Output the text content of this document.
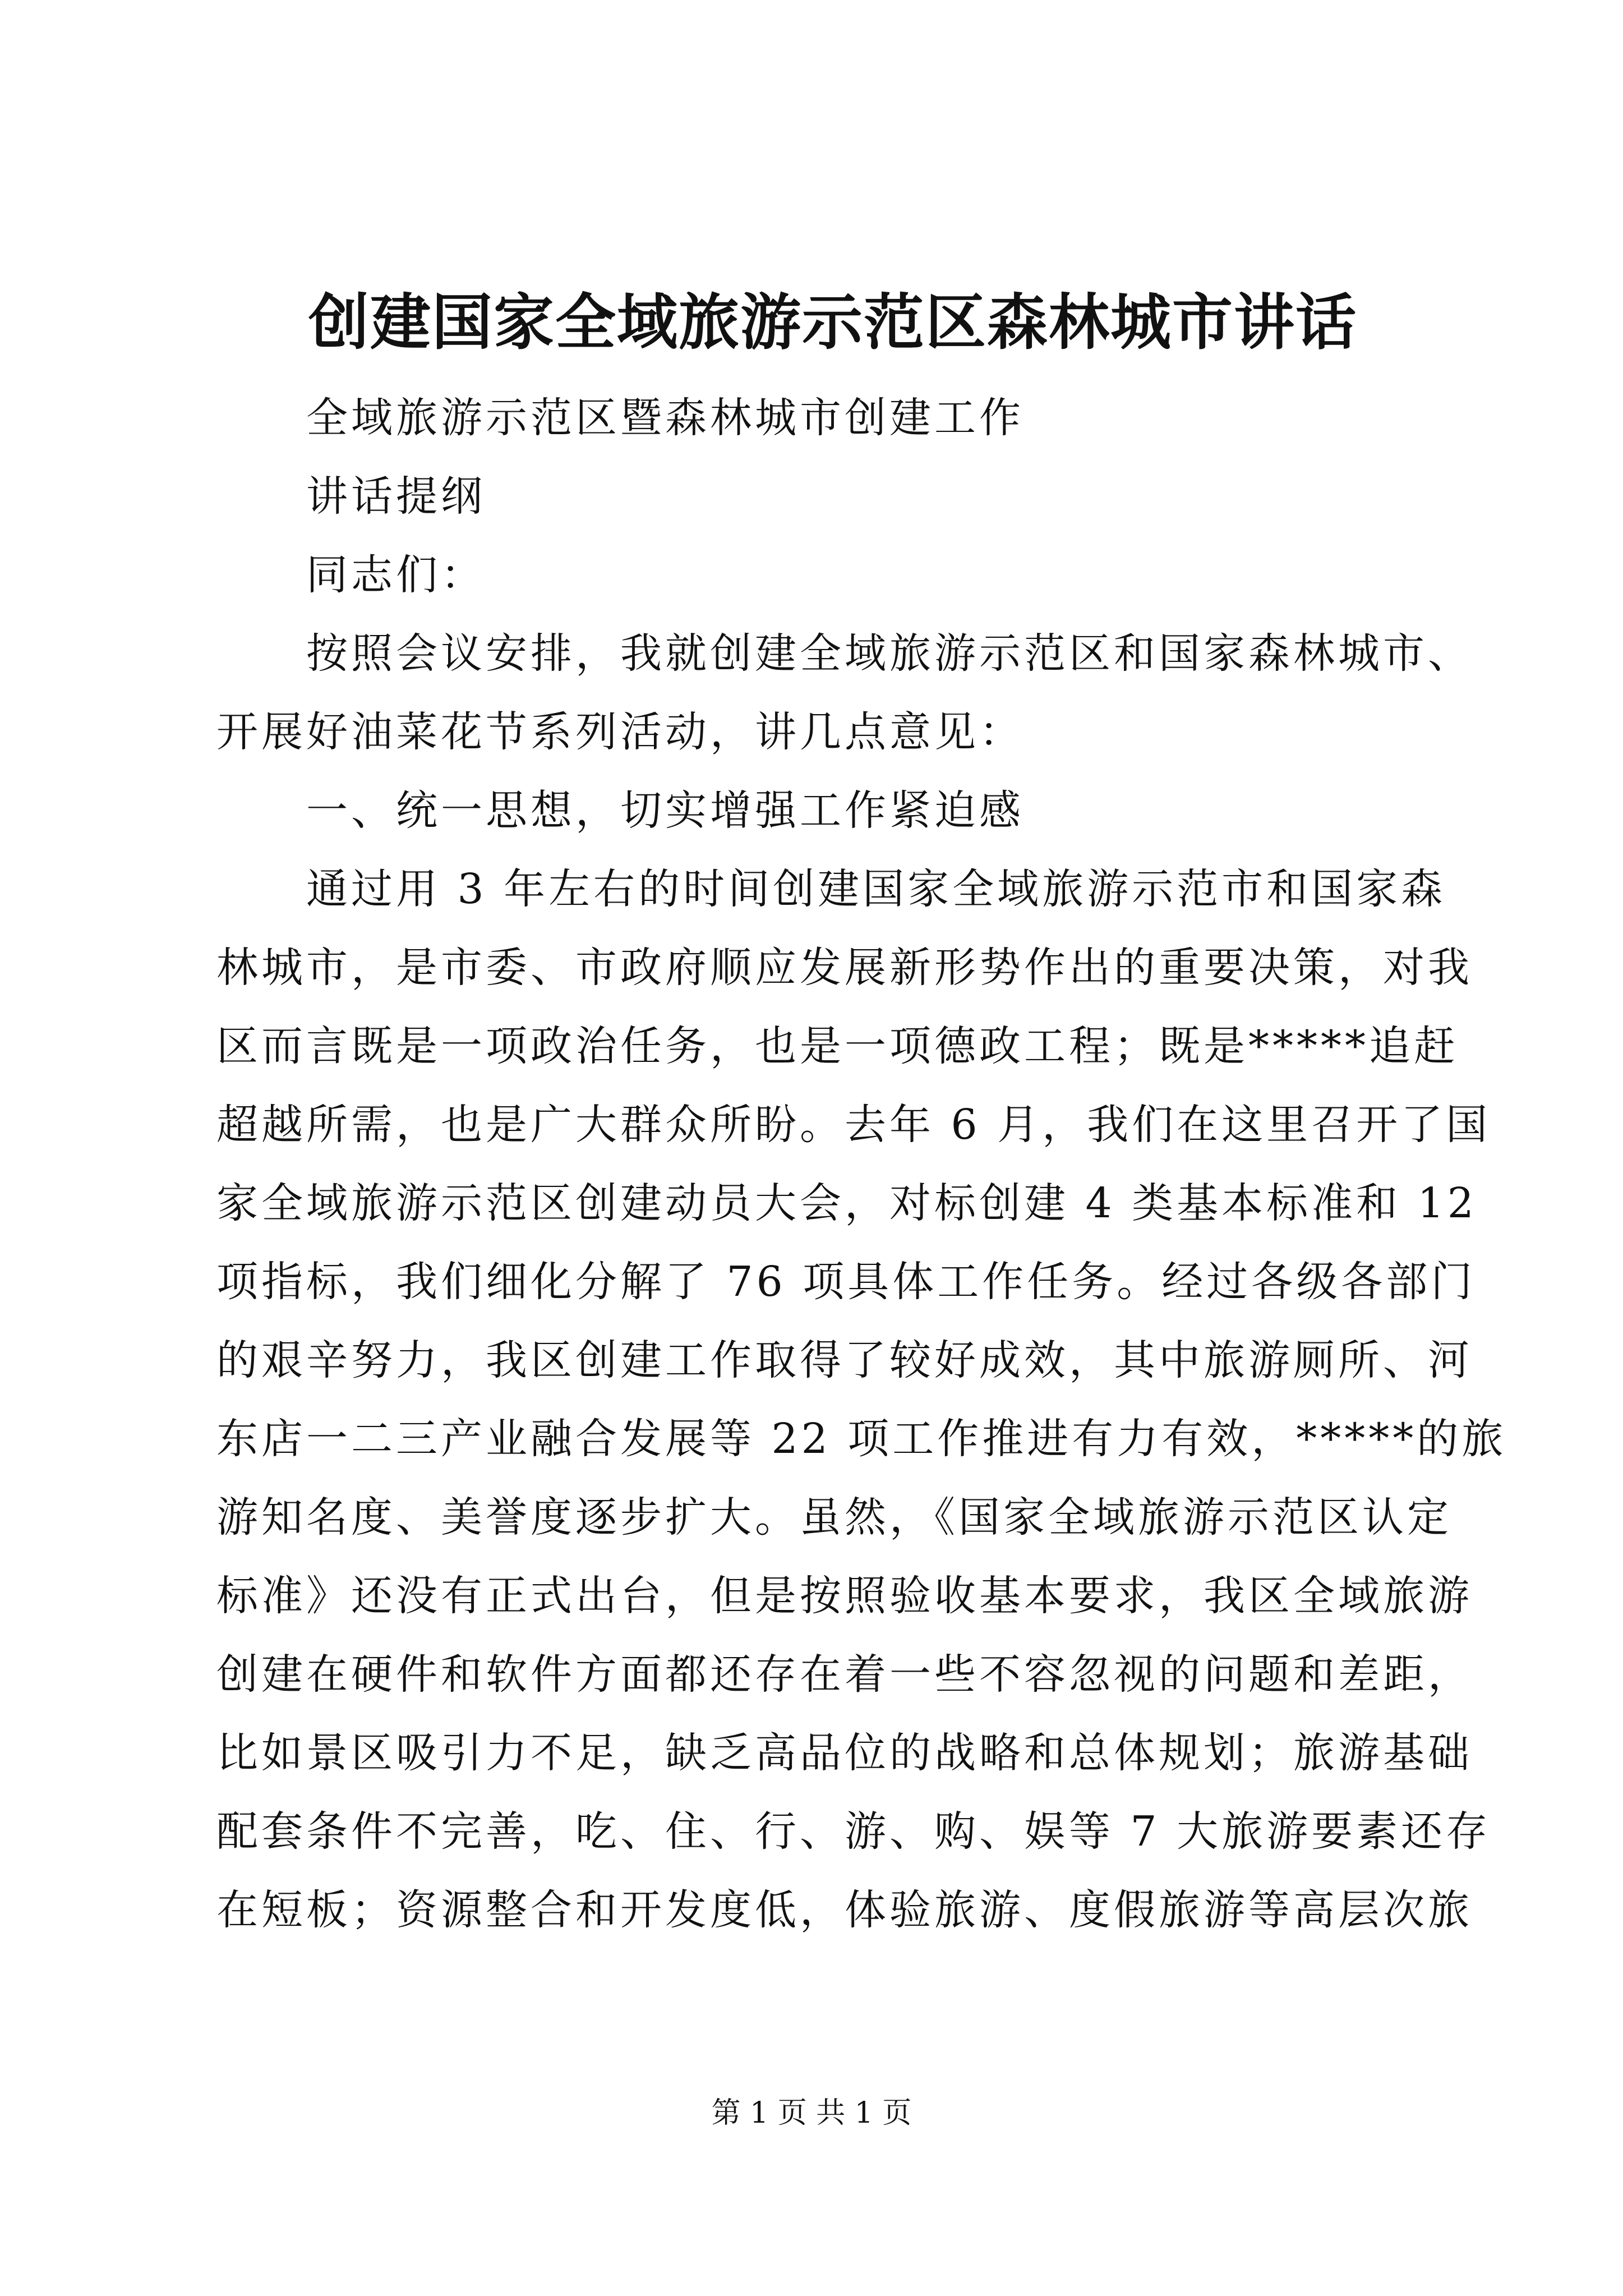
创建国家全域旅游示范区森林城市讲话
全域旅游示范区暨森林城市创建工作
讲话提纲
同志们：
按照会议安排，我就创建全域旅游示范区和国家森林城市、
开展好油菜花节系列活动，讲几点意见：
一、统一思想，切实增强工作紧迫感
通过用 3 年左右的时间创建国家全域旅游示范市和国家森
林城市，是市委、市政府顺应发展新形势作出的重要决策，对我
区而言既是一项政治任务，也是一项德政工程；既是*****追赶
超越所需，也是广大群众所盼。去年 6 月，我们在这里召开了国
家全域旅游示范区创建动员大会，对标创建 4 类基本标准和 12
项指标，我们细化分解了 76 项具体工作任务。经过各级各部门
的艰辛努力，我区创建工作取得了较好成效，其中旅游厕所、河
东店一二三产业融合发展等 22 项工作推进有力有效，*****的旅
游知名度、美誉度逐步扩大。虽然，《国家全域旅游示范区认定
标准》还没有正式出台，但是按照验收基本要求，我区全域旅游
创建在硬件和软件方面都还存在着一些不容忽视的问题和差距，
比如景区吸引力不足，缺乏高品位的战略和总体规划；旅游基础
配套条件不完善，吃、住、行、游、购、娱等 7 大旅游要素还存
在短板；资源整合和开发度低，体验旅游、度假旅游等高层次旅
第 1 页 共 1 页
